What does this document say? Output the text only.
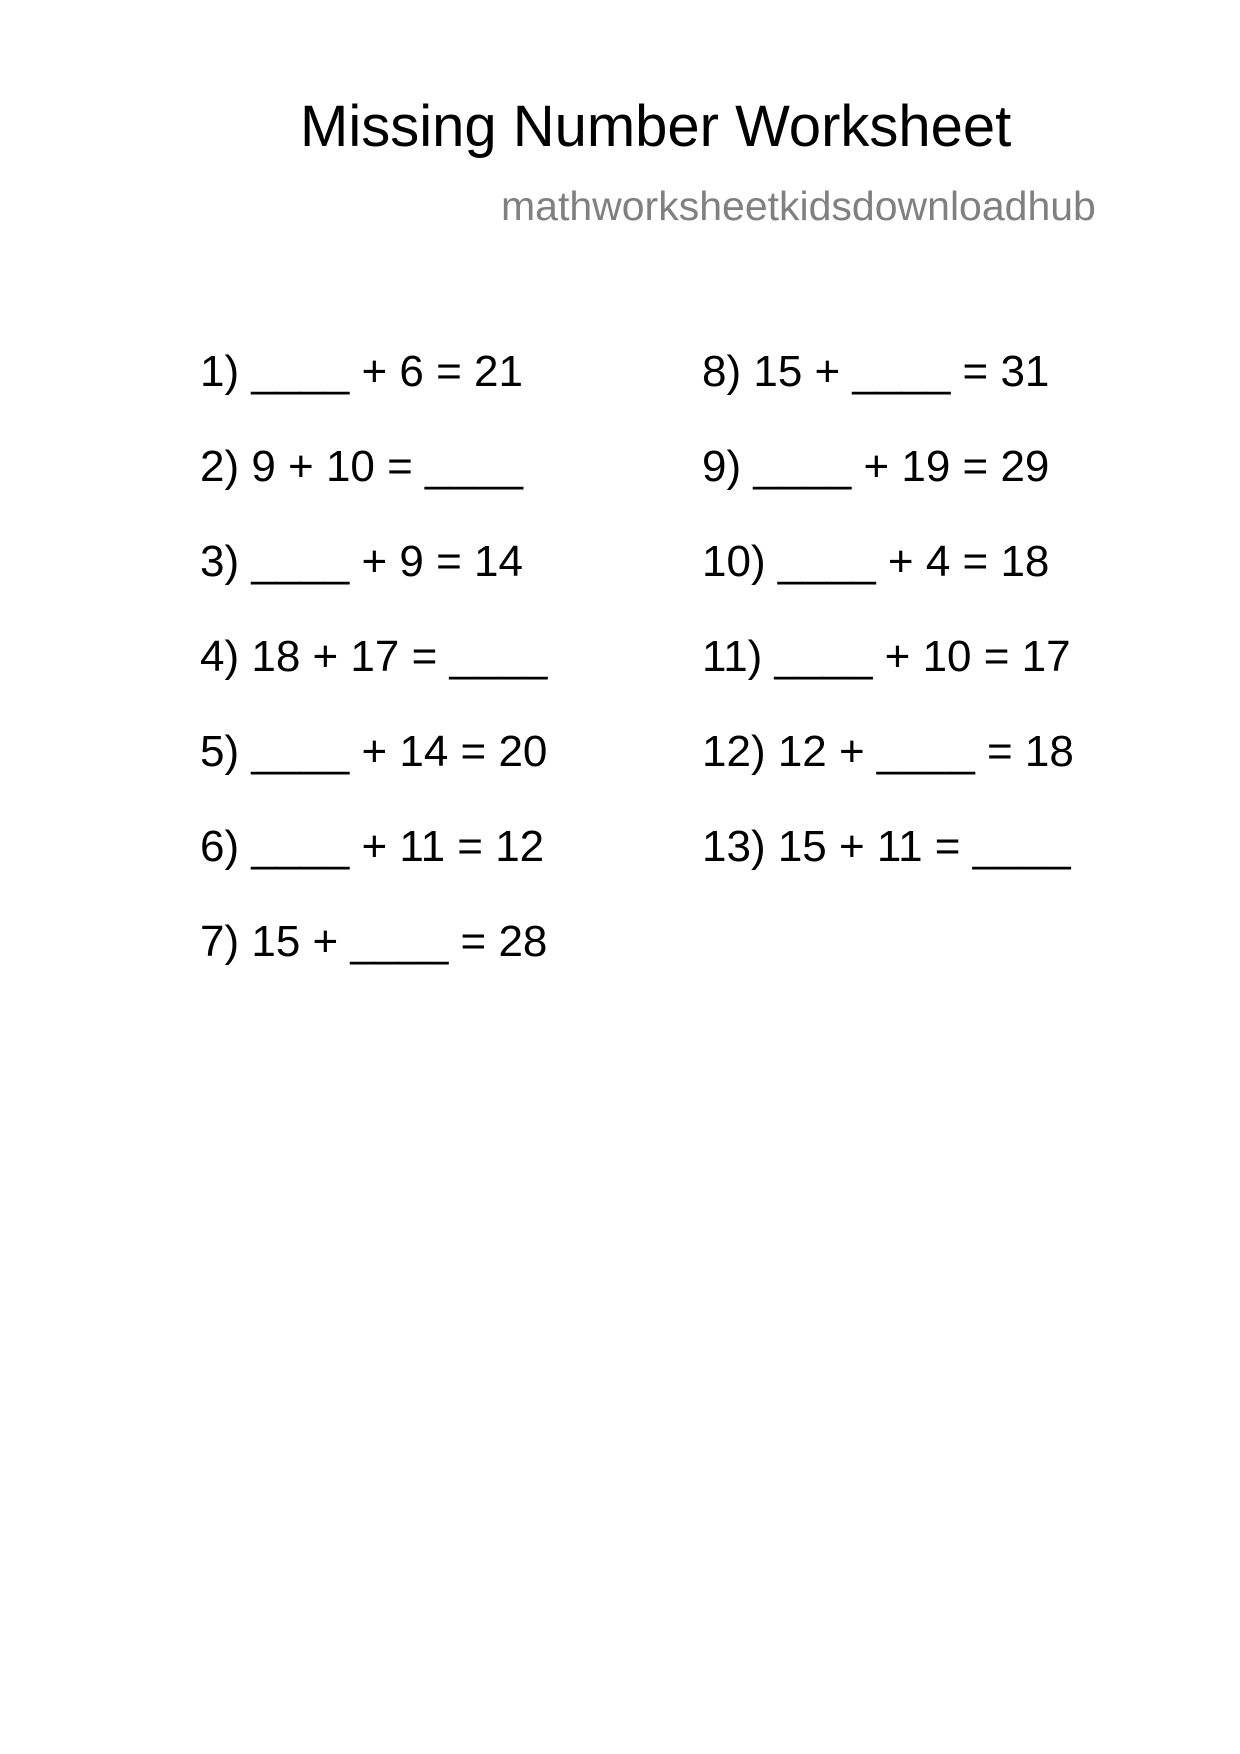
Missing Number Worksheet
mathworksheetkidsdownloadhub
1) ____ + 6 = 21
2) 9 + 10 = ____
3) ____ + 9 = 14
4) 18 + 17 = ____
5) ____ + 14 = 20
6) ____ + 11 = 12
7) 15 + ____ = 28
8) 15 + ____ = 31
9) ____ + 19 = 29
10) ____ + 4 = 18
11) ____ + 10 = 17
12) 12 + ____ = 18
13) 15 + 11 = ____
